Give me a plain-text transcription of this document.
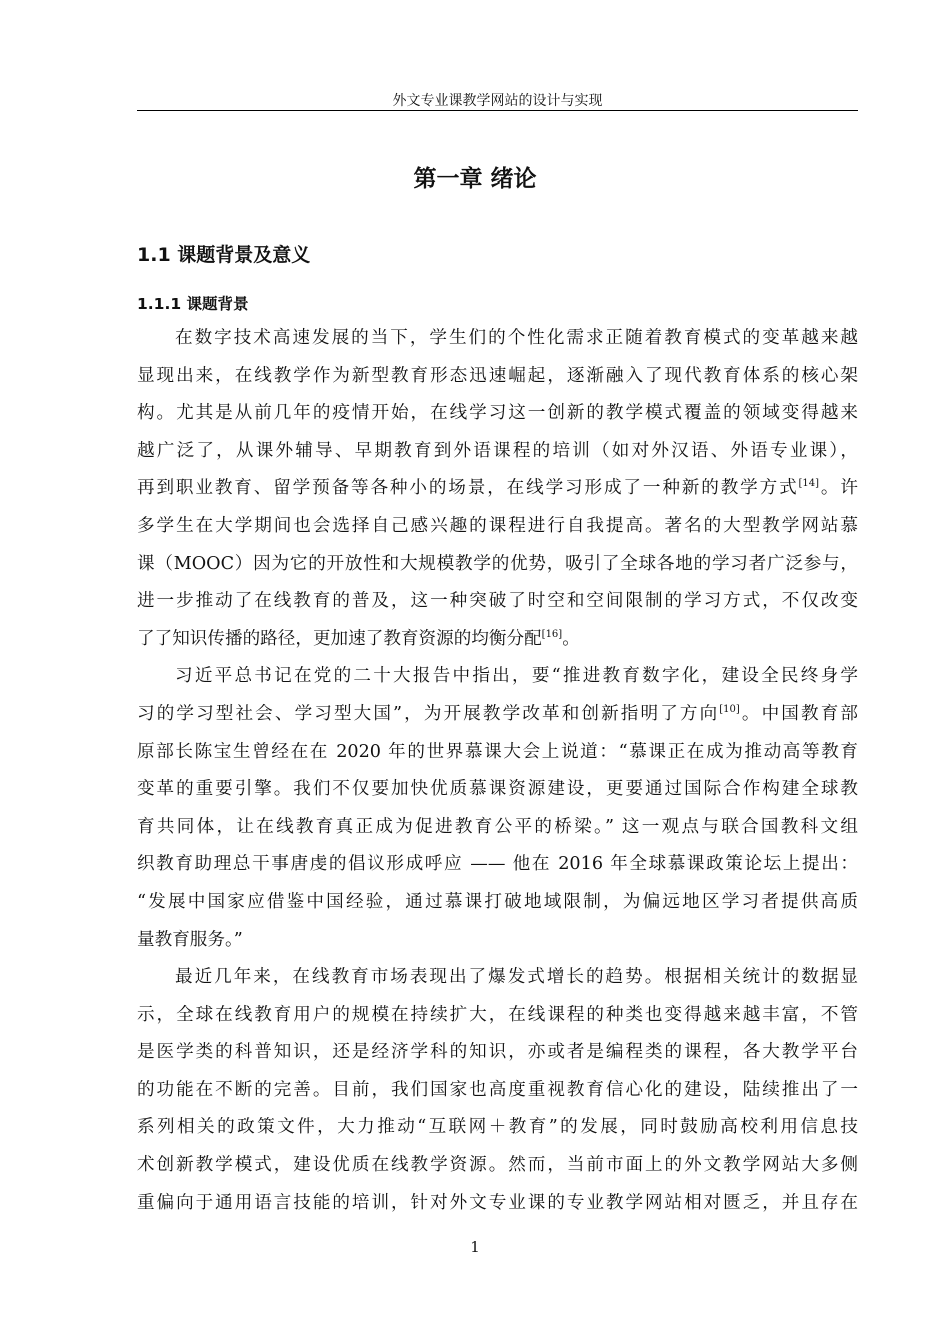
外文专业课教学网站的设计与实现
第一章 绪论
1.1 课题背景及意义
1.1.1 课题背景
在数字技术高速发展的当下，学生们的个性化需求正随着教育模式的变革越来越
显现出来，在线教学作为新型教育形态迅速崛起，逐渐融入了现代教育体系的核心架
构。尤其是从前几年的疫情开始，在线学习这一创新的教学模式覆盖的领域变得越来
越广泛了，从课外辅导、早期教育到外语课程的培训（如对外汉语、外语专业课），
再到职业教育、留学预备等各种小的场景，在线学习形成了一种新的教学方式[14]。许
多学生在大学期间也会选择自己感兴趣的课程进行自我提高。著名的大型教学网站慕
课（MOOC）因为它的开放性和大规模教学的优势，吸引了全球各地的学习者广泛参与，
进一步推动了在线教育的普及，这一种突破了时空和空间限制的学习方式，不仅改变
了了知识传播的路径，更加速了教育资源的均衡分配[16]。
习近平总书记在党的二十大报告中指出，要“推进教育数字化，建设全民终身学
习的学习型社会、学习型大国”，为开展教学改革和创新指明了方向[10]。中国教育部
原部长陈宝生曾经在在 2020 年的世界慕课大会上说道：“慕课正在成为推动高等教育
变革的重要引擎。我们不仅要加快优质慕课资源建设，更要通过国际合作构建全球教
育共同体，让在线教育真正成为促进教育公平的桥梁。” 这一观点与联合国教科文组
织教育助理总干事唐虔的倡议形成呼应 —— 他在 2016 年全球慕课政策论坛上提出：
“发展中国家应借鉴中国经验，通过慕课打破地域限制，为偏远地区学习者提供高质
量教育服务。”
最近几年来，在线教育市场表现出了爆发式增长的趋势。根据相关统计的数据显
示，全球在线教育用户的规模在持续扩大，在线课程的种类也变得越来越丰富，不管
是医学类的科普知识，还是经济学科的知识，亦或者是编程类的课程，各大教学平台
的功能在不断的完善。目前，我们国家也高度重视教育信心化的建设，陆续推出了一
系列相关的政策文件，大力推动“互联网＋教育”的发展，同时鼓励高校利用信息技
术创新教学模式，建设优质在线教学资源。然而，当前市面上的外文教学网站大多侧
重偏向于通用语言技能的培训，针对外文专业课的专业教学网站相对匮乏，并且存在
1
